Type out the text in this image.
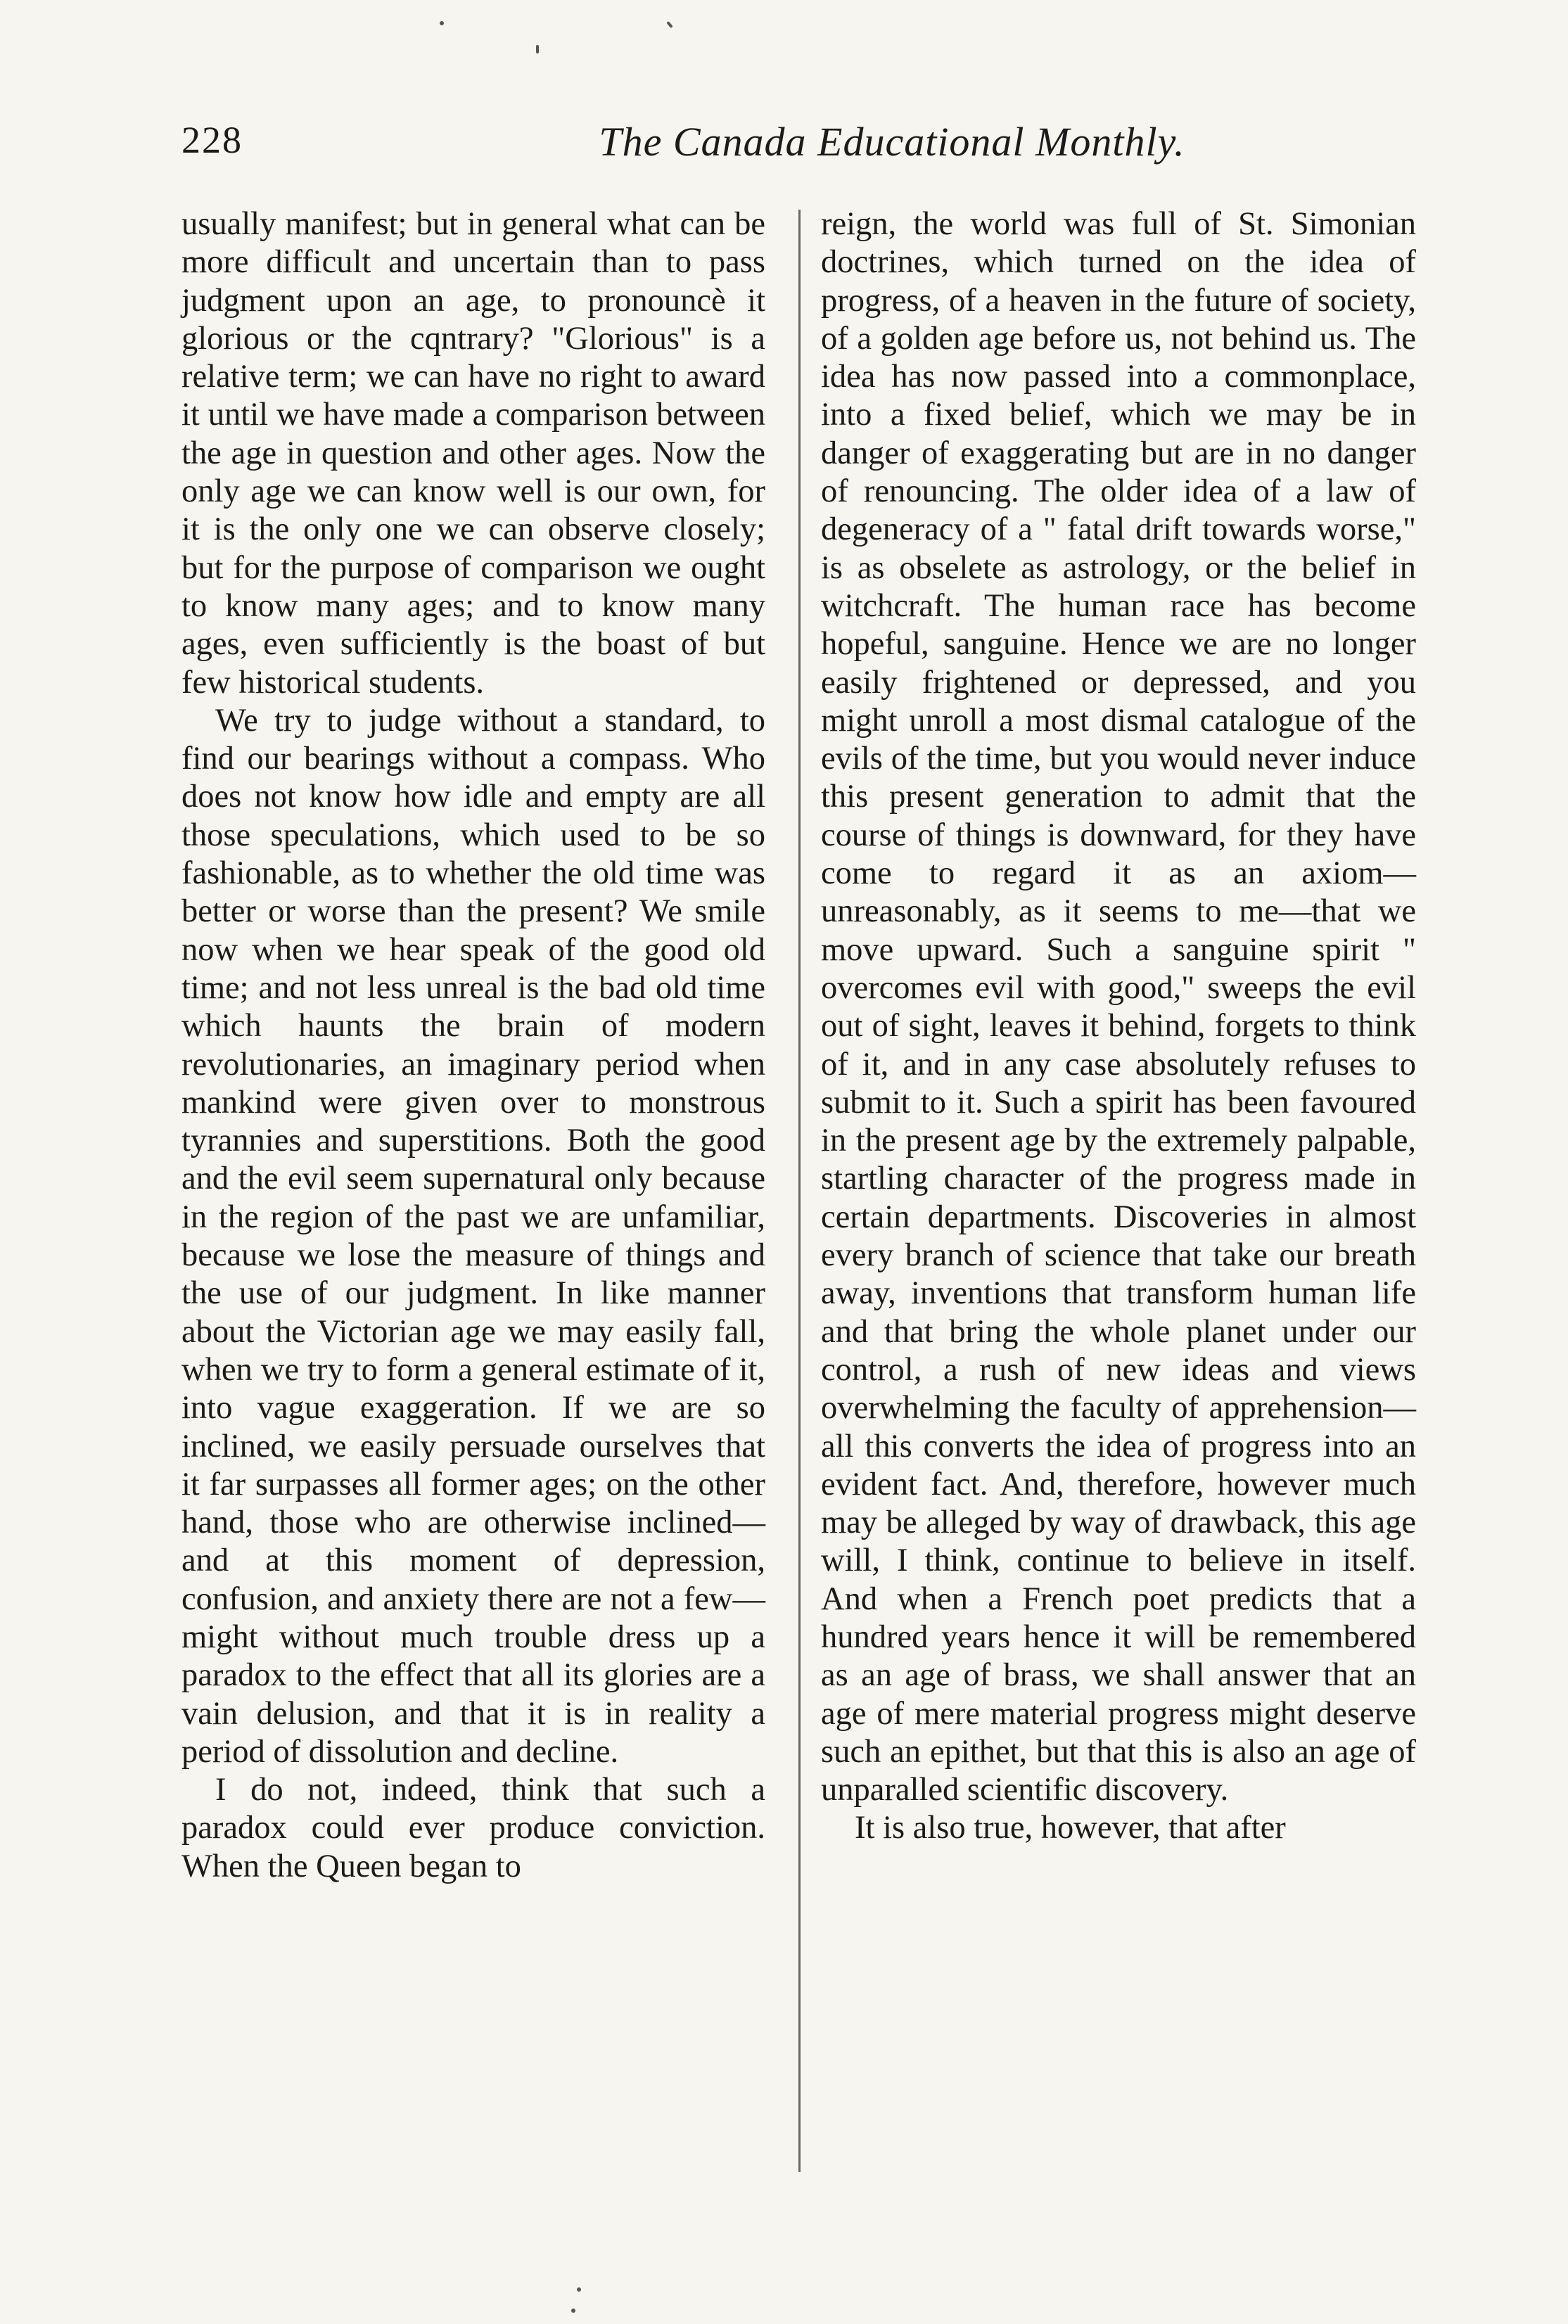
228	The Canada Educational Monthly.

usually manifest; but in general what can be more difficult and uncertain than to pass judgment upon an age, to pronouncè it glorious or the cqntrary? "Glorious" is a relative term; we can have no right to award it until we have made a comparison between the age in question and other ages. Now the only age we can know well is our own, for it is the only one we can observe closely; but for the purpose of comparison we ought to know many ages; and to know many ages, even sufficiently is the boast of but few historical students.

We try to judge without a standard, to find our bearings without a compass. Who does not know how idle and empty are all those speculations, which used to be so fashionable, as to whether the old time was better or worse than the present? We smile now when we hear speak of the good old time; and not less unreal is the bad old time which haunts the brain of modern revolutionaries, an imaginary period when mankind were given over to monstrous tyrannies and superstitions. Both the good and the evil seem supernatural only because in the region of the past we are unfamiliar, because we lose the measure of things and the use of our judgment. In like manner about the Victorian age we may easily fall, when we try to form a general estimate of it, into vague exaggeration. If we are so inclined, we easily persuade ourselves that it far surpasses all former ages; on the other hand, those who are otherwise inclined—and at this moment of depression, confusion, and anxiety there are not a few—might without much trouble dress up a paradox to the effect that all its glories are a vain delusion, and that it is in reality a period of dissolution and decline.

I do not, indeed, think that such a paradox could ever produce conviction. When the Queen began to

reign, the world was full of St. Simonian doctrines, which turned on the idea of progress, of a heaven in the future of society, of a golden age before us, not behind us. The idea has now passed into a commonplace, into a fixed belief, which we may be in danger of exaggerating but are in no danger of renouncing. The older idea of a law of degeneracy of a " fatal drift towards worse," is as obselete as astrology, or the belief in witchcraft. The human race has become hopeful, sanguine. Hence we are no longer easily frightened or depressed, and you might unroll a most dismal catalogue of the evils of the time, but you would never induce this present generation to admit that the course of things is downward, for they have come to regard it as an axiom—unreasonably, as it seems to me—that we move upward. Such a sanguine spirit " overcomes evil with good," sweeps the evil out of sight, leaves it behind, forgets to think of it, and in any case absolutely refuses to submit to it. Such a spirit has been favoured in the present age by the extremely palpable, startling character of the progress made in certain departments. Discoveries in almost every branch of science that take our breath away, inventions that transform human life and that bring the whole planet under our control, a rush of new ideas and views overwhelming the faculty of apprehension—all this converts the idea of progress into an evident fact. And, therefore, however much may be alleged by way of drawback, this age will, I think, continue to believe in itself. And when a French poet predicts that a hundred years hence it will be remembered as an age of brass, we shall answer that an age of mere material progress might deserve such an epithet, but that this is also an age of unparalled scientific discovery.

It is also true, however, that after
